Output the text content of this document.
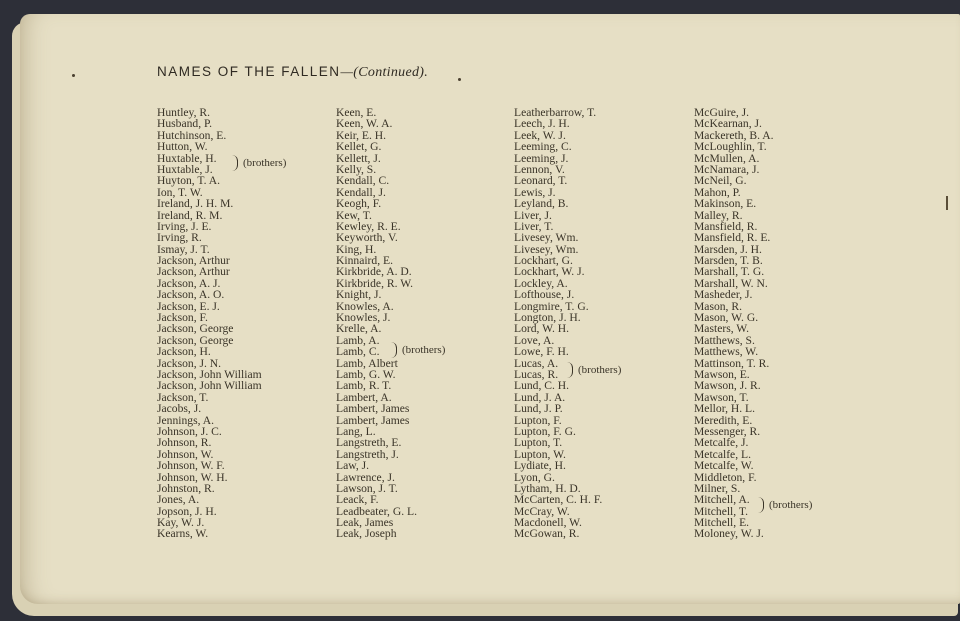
NAMES OF THE FALLEN—(Continued).
Huntley, R.
Husband, P.
Hutchinson, E.
Hutton, W.
Huxtable, H.
Huxtable, J.
Huyton, T. A.
Ion, T. W.
Ireland, J. H. M.
Ireland, R. M.
Irving, J. E.
Irving, R.
Ismay, J. T.
Jackson, Arthur
Jackson, Arthur
Jackson, A. J.
Jackson, A. O.
Jackson, E. J.
Jackson, F.
Jackson, George
Jackson, George
Jackson, H.
Jackson, J. N.
Jackson, John William
Jackson, John William
Jackson, T.
Jacobs, J.
Jennings, A.
Johnson, J. C.
Johnson, R.
Johnson, W.
Johnson, W. F.
Johnson, W. H.
Johnston, R.
Jones, A.
Jopson, J. H.
Kay, W. J.
Kearns, W.
Keen, E.
Keen, W. A.
Keir, E. H.
Kellet, G.
Kellett, J.
Kelly, S.
Kendall, C.
Kendall, J.
Keogh, F.
Kew, T.
Kewley, R. E.
Keyworth, V.
King, H.
Kinnaird, E.
Kirkbride, A. D.
Kirkbride, R. W.
Knight, J.
Knowles, A.
Knowles, J.
Krelle, A.
Lamb, A.
Lamb, C.
Lamb, Albert
Lamb, G. W.
Lamb, R. T.
Lambert, A.
Lambert, James
Lambert, James
Lang, L.
Langstreth, E.
Langstreth, J.
Law, J.
Lawrence, J.
Lawson, J. T.
Leack, F.
Leadbeater, G. L.
Leak, James
Leak, Joseph
Leatherbarrow, T.
Leech, J. H.
Leek, W. J.
Leeming, C.
Leeming, J.
Lennon, V.
Leonard, T.
Lewis, J.
Leyland, B.
Liver, J.
Liver, T.
Livesey, Wm.
Livesey, Wm.
Lockhart, G.
Lockhart, W. J.
Lockley, A.
Lofthouse, J.
Longmire, T. G.
Longton, J. H.
Lord, W. H.
Love, A.
Lowe, F. H.
Lucas, A.
Lucas, R.
Lund, C. H.
Lund, J. A.
Lund, J. P.
Lupton, F.
Lupton, F. G.
Lupton, T.
Lupton, W.
Lydiate, H.
Lyon, G.
Lytham, H. D.
McCarten, C. H. F.
McCray, W.
Macdonell, W.
McGowan, R.
McGuire, J.
McKearnan, J.
Mackereth, B. A.
McLoughlin, T.
McMullen, A.
McNamara, J.
McNeil, G.
Mahon, P.
Makinson, E.
Malley, R.
Mansfield, R.
Mansfield, R. E.
Marsden, J. H.
Marsden, T. B.
Marshall, T. G.
Marshall, W. N.
Masheder, J.
Mason, R.
Mason, W. G.
Masters, W.
Matthews, S.
Matthews, W.
Mattinson, T. R.
Mawson, E.
Mawson, J. R.
Mawson, T.
Mellor, H. L.
Meredith, E.
Messenger, R.
Metcalfe, J.
Metcalfe, L.
Metcalfe, W.
Middleton, F.
Milner, S.
Mitchell, A.
Mitchell, T.
Mitchell, E.
Moloney, W. J.
(brothers)
(brothers)
(brothers)
(brothers)
